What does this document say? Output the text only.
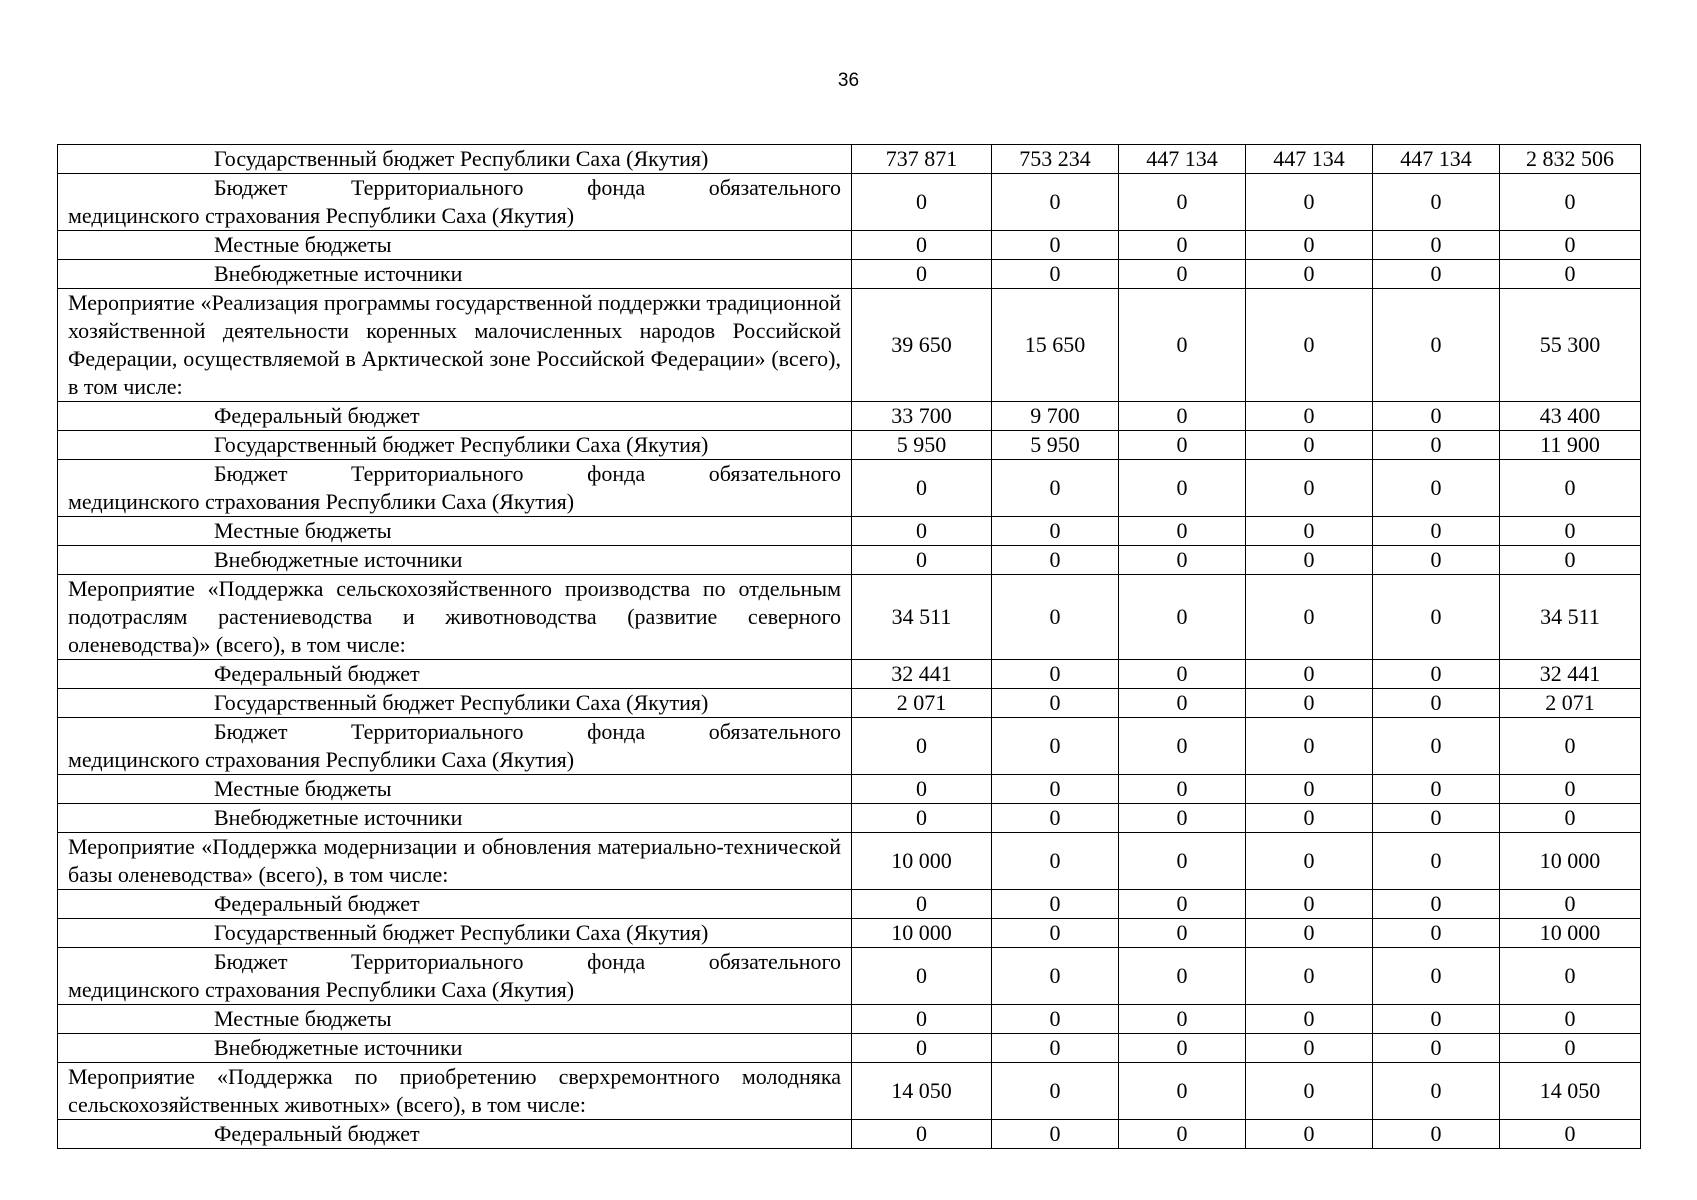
36
Государственный бюджет Республики Саха (Якутия)	737 871	753 234	447 134	447 134	447 134	2 832 506

Бюджет Территориального фонда обязательного
медицинского страхования Республики Саха (Якутия)	0	0	0	0	0	0
Местные бюджеты	0	0	0	0	0	0
Внебюджетные источники	0	0	0	0	0	0
Мероприятие «Реализация программы государственной поддержки традиционной хозяйственной деятельности коренных малочисленных народов Российской Федерации, осуществляемой в Арктической зоне Российской Федерации» (всего), в том числе:	39 650	15 650	0	0	0	55 300
Федеральный бюджет	33 700	9 700	0	0	0	43 400
Государственный бюджет Республики Саха (Якутия)	5 950	5 950	0	0	0	11 900

Бюджет Территориального фонда обязательного
медицинского страхования Республики Саха (Якутия)	0	0	0	0	0	0
Местные бюджеты	0	0	0	0	0	0
Внебюджетные источники	0	0	0	0	0	0
Мероприятие «Поддержка сельскохозяйственного производства по отдельным подотраслям растениеводства и животноводства (развитие северного оленеводства)» (всего), в том числе:	34 511	0	0	0	0	34 511
Федеральный бюджет	32 441	0	0	0	0	32 441
Государственный бюджет Республики Саха (Якутия)	2 071	0	0	0	0	2 071

Бюджет Территориального фонда обязательного
медицинского страхования Республики Саха (Якутия)	0	0	0	0	0	0
Местные бюджеты	0	0	0	0	0	0
Внебюджетные источники	0	0	0	0	0	0
Мероприятие «Поддержка модернизации и обновления материально-технической базы оленеводства» (всего), в том числе:	10 000	0	0	0	0	10 000
Федеральный бюджет	0	0	0	0	0	0
Государственный бюджет Республики Саха (Якутия)	10 000	0	0	0	0	10 000

Бюджет Территориального фонда обязательного
медицинского страхования Республики Саха (Якутия)	0	0	0	0	0	0
Местные бюджеты	0	0	0	0	0	0
Внебюджетные источники	0	0	0	0	0	0
Мероприятие «Поддержка по приобретению сверхремонтного молодняка сельскохозяйственных животных» (всего), в том числе:	14 050	0	0	0	0	14 050
Федеральный бюджет	0	0	0	0	0	0
